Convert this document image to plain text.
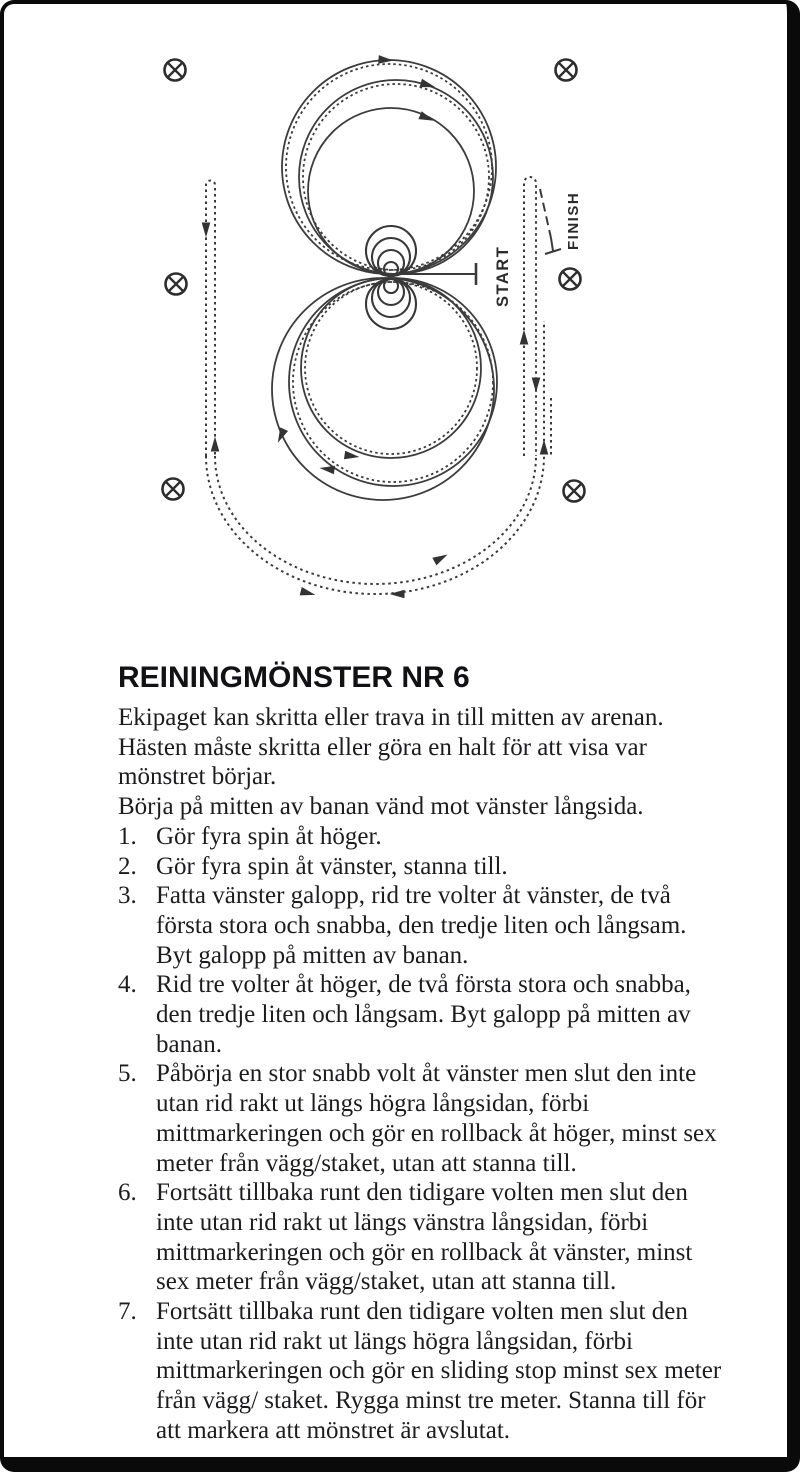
START
FINISH
REININGMÖNSTER NR 6

Ekipaget kan skritta eller trava in till mitten av arenan. Hästen måste skritta eller göra en halt för att visa var mönstret börjar.

Börja på mitten av banan vänd mot vänster långsida.

1. Gör fyra spin åt höger.
2. Gör fyra spin åt vänster, stanna till.
3. Fatta vänster galopp, rid tre volter åt vänster, de två första stora och snabba, den tredje liten och långsam. Byt galopp på mitten av banan.
4. Rid tre volter åt höger, de två första stora och snabba, den tredje liten och långsam. Byt galopp på mitten av banan.
5. Påbörja en stor snabb volt åt vänster men slut den inte utan rid rakt ut längs högra långsidan, förbi mittmarkeringen och gör en rollback åt höger, minst sex meter från vägg/staket, utan att stanna till.
6. Fortsätt tillbaka runt den tidigare volten men slut den inte utan rid rakt ut längs vänstra långsidan, förbi mittmarkeringen och gör en rollback åt vänster, minst sex meter från vägg/staket, utan att stanna till.
7. Fortsätt tillbaka runt den tidigare volten men slut den inte utan rid rakt ut längs högra långsidan, förbi mittmarkeringen och gör en sliding stop minst sex meter från vägg/ staket. Rygga minst tre meter. Stanna till för att markera att mönstret är avslutat.
